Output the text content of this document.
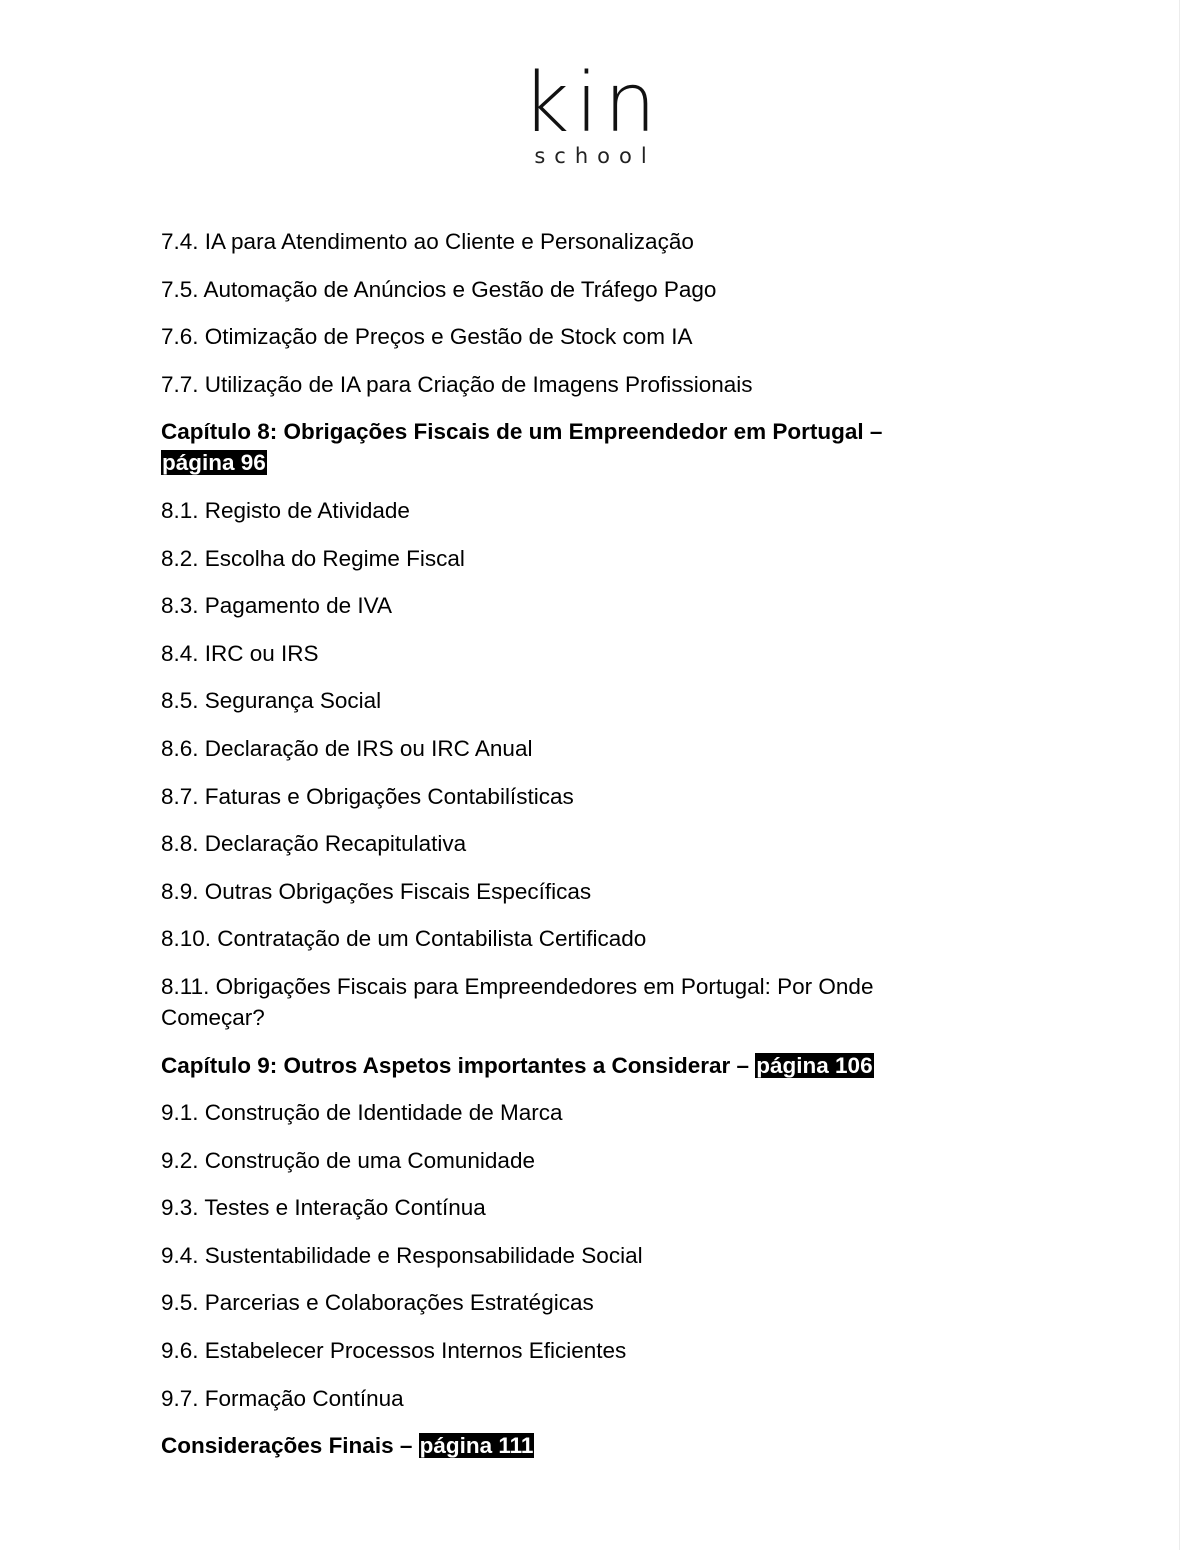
kin
school
7.4. IA para Atendimento ao Cliente e Personalização
7.5. Automação de Anúncios e Gestão de Tráfego Pago
7.6. Otimização de Preços e Gestão de Stock com IA
7.7. Utilização de IA para Criação de Imagens Profissionais
Capítulo 8: Obrigações Fiscais de um Empreendedor em Portugal – página 96
8.1. Registo de Atividade
8.2. Escolha do Regime Fiscal
8.3. Pagamento de IVA
8.4. IRC ou IRS
8.5. Segurança Social
8.6. Declaração de IRS ou IRC Anual
8.7. Faturas e Obrigações Contabilísticas
8.8. Declaração Recapitulativa
8.9. Outras Obrigações Fiscais Específicas
8.10. Contratação de um Contabilista Certificado
8.11. Obrigações Fiscais para Empreendedores em Portugal: Por Onde Começar?
Capítulo 9: Outros Aspetos importantes a Considerar – página 106
9.1. Construção de Identidade de Marca
9.2. Construção de uma Comunidade
9.3. Testes e Interação Contínua
9.4. Sustentabilidade e Responsabilidade Social
9.5. Parcerias e Colaborações Estratégicas
9.6. Estabelecer Processos Internos Eficientes
9.7. Formação Contínua
Considerações Finais – página 111
